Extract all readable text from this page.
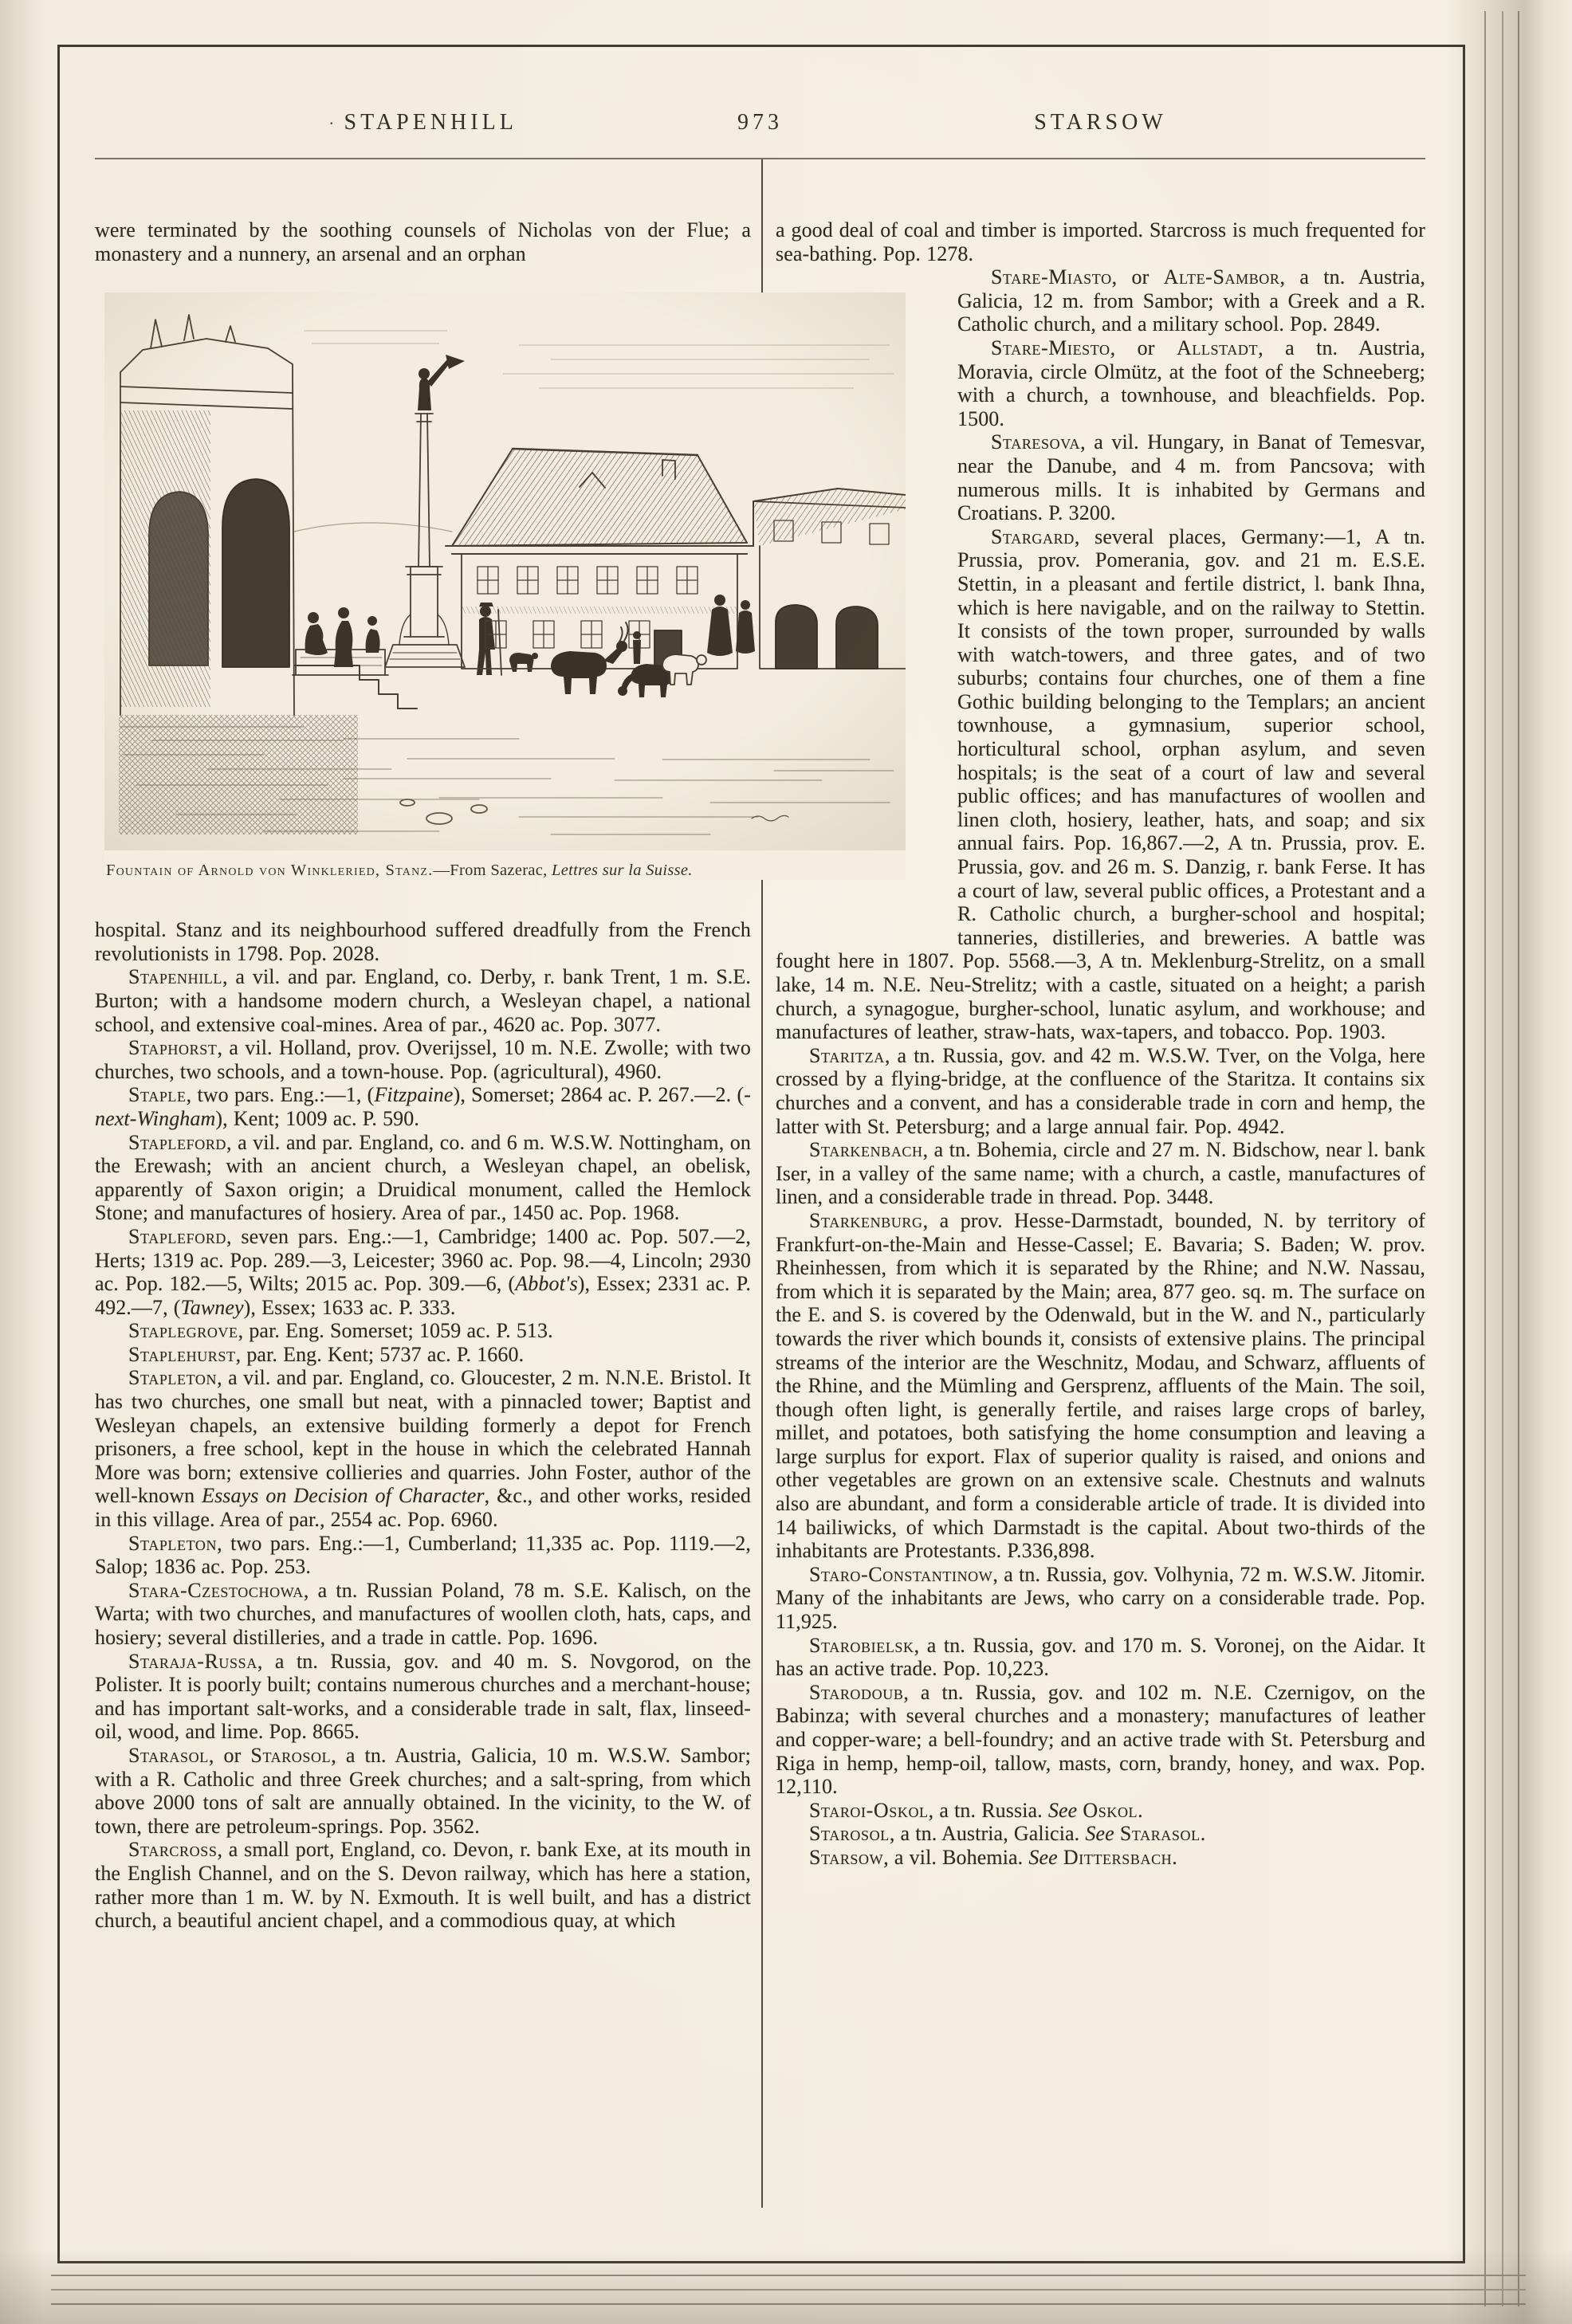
· STAPENHILL	973	STARSOW

were terminated by the soothing counsels of Nicholas von der Flue; a monastery and a nunnery, an arsenal and an orphan

Fountain of Arnold von Winkleried, Stanz.—From Sazerac, Lettres sur la Suisse.

hospital. Stanz and its neighbourhood suffered dreadfully from the French revolutionists in 1798. Pop. 2028.

Stapenhill, a vil. and par. England, co. Derby, r. bank Trent, 1 m. S.E. Burton; with a handsome modern church, a Wesleyan chapel, a national school, and extensive coal-mines. Area of par., 4620 ac. Pop. 3077.

Staphorst, a vil. Holland, prov. Overijssel, 10 m. N.E. Zwolle; with two churches, two schools, and a town-house. Pop. (agricultural), 4960.

Staple, two pars. Eng.:—1, (Fitzpaine), Somerset; 2864 ac. P. 267.—2. (-next-Wingham), Kent; 1009 ac. P. 590.

Stapleford, a vil. and par. England, co. and 6 m. W.S.W. Nottingham, on the Erewash; with an ancient church, a Wesleyan chapel, an obelisk, apparently of Saxon origin; a Druidical monument, called the Hemlock Stone; and manufactures of hosiery. Area of par., 1450 ac. Pop. 1968.

Stapleford, seven pars. Eng.:—1, Cambridge; 1400 ac. Pop. 507.—2, Herts; 1319 ac. Pop. 289.—3, Leicester; 3960 ac. Pop. 98.—4, Lincoln; 2930 ac. Pop. 182.—5, Wilts; 2015 ac. Pop. 309.—6, (Abbot's), Essex; 2331 ac. P. 492.—7, (Tawney), Essex; 1633 ac. P. 333.

Staplegrove, par. Eng. Somerset; 1059 ac. P. 513.

Staplehurst, par. Eng. Kent; 5737 ac. P. 1660.

Stapleton, a vil. and par. England, co. Gloucester, 2 m. N.N.E. Bristol. It has two churches, one small but neat, with a pinnacled tower; Baptist and Wesleyan chapels, an extensive building formerly a depot for French prisoners, a free school, kept in the house in which the celebrated Hannah More was born; extensive collieries and quarries. John Foster, author of the well-known Essays on Decision of Character, &c., and other works, resided in this village. Area of par., 2554 ac. Pop. 6960.

Stapleton, two pars. Eng.:—1, Cumberland; 11,335 ac. Pop. 1119.—2, Salop; 1836 ac. Pop. 253.

Stara-Czestochowa, a tn. Russian Poland, 78 m. S.E. Kalisch, on the Warta; with two churches, and manufactures of woollen cloth, hats, caps, and hosiery; several distilleries, and a trade in cattle. Pop. 1696.

Staraja-Russa, a tn. Russia, gov. and 40 m. S. Novgorod, on the Polister. It is poorly built; contains numerous churches and a merchant-house; and has important salt-works, and a considerable trade in salt, flax, linseed-oil, wood, and lime. Pop. 8665.

Starasol, or Starosol, a tn. Austria, Galicia, 10 m. W.S.W. Sambor; with a R. Catholic and three Greek churches; and a salt-spring, from which above 2000 tons of salt are annually obtained. In the vicinity, to the W. of town, there are petroleum-springs. Pop. 3562.

Starcross, a small port, England, co. Devon, r. bank Exe, at its mouth in the English Channel, and on the S. Devon railway, which has here a station, rather more than 1 m. W. by N. Exmouth. It is well built, and has a district church, a beautiful ancient chapel, and a commodious quay, at which

a good deal of coal and timber is imported. Starcross is much frequented for sea-bathing. Pop. 1278.

Stare-Miasto, or Alte-Sambor, a tn. Austria, Galicia, 12 m. from Sambor; with a Greek and a R. Catholic church, and a military school. Pop. 2849.

Stare-Miesto, or Allstadt, a tn. Austria, Moravia, circle Olmütz, at the foot of the Schneeberg; with a church, a townhouse, and bleachfields. Pop. 1500.

Staresova, a vil. Hungary, in Banat of Temesvar, near the Danube, and 4 m. from Pancsova; with numerous mills. It is inhabited by Germans and Croatians. P. 3200.

Stargard, several places, Germany:—1, A tn. Prussia, prov. Pomerania, gov. and 21 m. E.S.E. Stettin, in a pleasant and fertile district, l. bank Ihna, which is here navigable, and on the railway to Stettin. It consists of the town proper, surrounded by walls with watch-towers, and three gates, and of two suburbs; contains four churches, one of them a fine Gothic building belonging to the Templars; an ancient townhouse, a gymnasium, superior school, horticultural school, orphan asylum, and seven hospitals; is the seat of a court of law and several public offices; and has manufactures of woollen and linen cloth, hosiery, leather, hats, and soap; and six annual fairs. Pop. 16,867.—2, A tn. Prussia, prov. E. Prussia, gov. and 26 m. S. Danzig, r. bank Ferse. It has a court of law, several public offices, a Protestant and a R. Catholic church, a burgher-school and hospital; tanneries, distilleries, and breweries. A battle was fought here in 1807. Pop. 5568.—3, A tn. Meklenburg-Strelitz, on a small lake, 14 m. N.E. Neu-Strelitz; with a castle, situated on a height; a parish church, a synagogue, burgher-school, lunatic asylum, and workhouse; and manufactures of leather, straw-hats, wax-tapers, and tobacco. Pop. 1903.

Staritza, a tn. Russia, gov. and 42 m. W.S.W. Tver, on the Volga, here crossed by a flying-bridge, at the confluence of the Staritza. It contains six churches and a convent, and has a considerable trade in corn and hemp, the latter with St. Petersburg; and a large annual fair. Pop. 4942.

Starkenbach, a tn. Bohemia, circle and 27 m. N. Bidschow, near l. bank Iser, in a valley of the same name; with a church, a castle, manufactures of linen, and a considerable trade in thread. Pop. 3448.

Starkenburg, a prov. Hesse-Darmstadt, bounded, N. by territory of Frankfurt-on-the-Main and Hesse-Cassel; E. Bavaria; S. Baden; W. prov. Rheinhessen, from which it is separated by the Rhine; and N.W. Nassau, from which it is separated by the Main; area, 877 geo. sq. m. The surface on the E. and S. is covered by the Odenwald, but in the W. and N., particularly towards the river which bounds it, consists of extensive plains. The principal streams of the interior are the Weschnitz, Modau, and Schwarz, affluents of the Rhine, and the Mümling and Gersprenz, affluents of the Main. The soil, though often light, is generally fertile, and raises large crops of barley, millet, and potatoes, both satisfying the home consumption and leaving a large surplus for export. Flax of superior quality is raised, and onions and other vegetables are grown on an extensive scale. Chestnuts and walnuts also are abundant, and form a considerable article of trade. It is divided into 14 bailiwicks, of which Darmstadt is the capital. About two-thirds of the inhabitants are Protestants. P.336,898.

Staro-Constantinow, a tn. Russia, gov. Volhynia, 72 m. W.S.W. Jitomir. Many of the inhabitants are Jews, who carry on a considerable trade. Pop. 11,925.

Starobielsk, a tn. Russia, gov. and 170 m. S. Voronej, on the Aidar. It has an active trade. Pop. 10,223.

Starodoub, a tn. Russia, gov. and 102 m. N.E. Czernigov, on the Babinza; with several churches and a monastery; manufactures of leather and copper-ware; a bell-foundry; and an active trade with St. Petersburg and Riga in hemp, hemp-oil, tallow, masts, corn, brandy, honey, and wax. Pop. 12,110.

Staroi-Oskol, a tn. Russia. See Oskol.

Starosol, a tn. Austria, Galicia. See Starasol.

Starsow, a vil. Bohemia. See Dittersbach.
